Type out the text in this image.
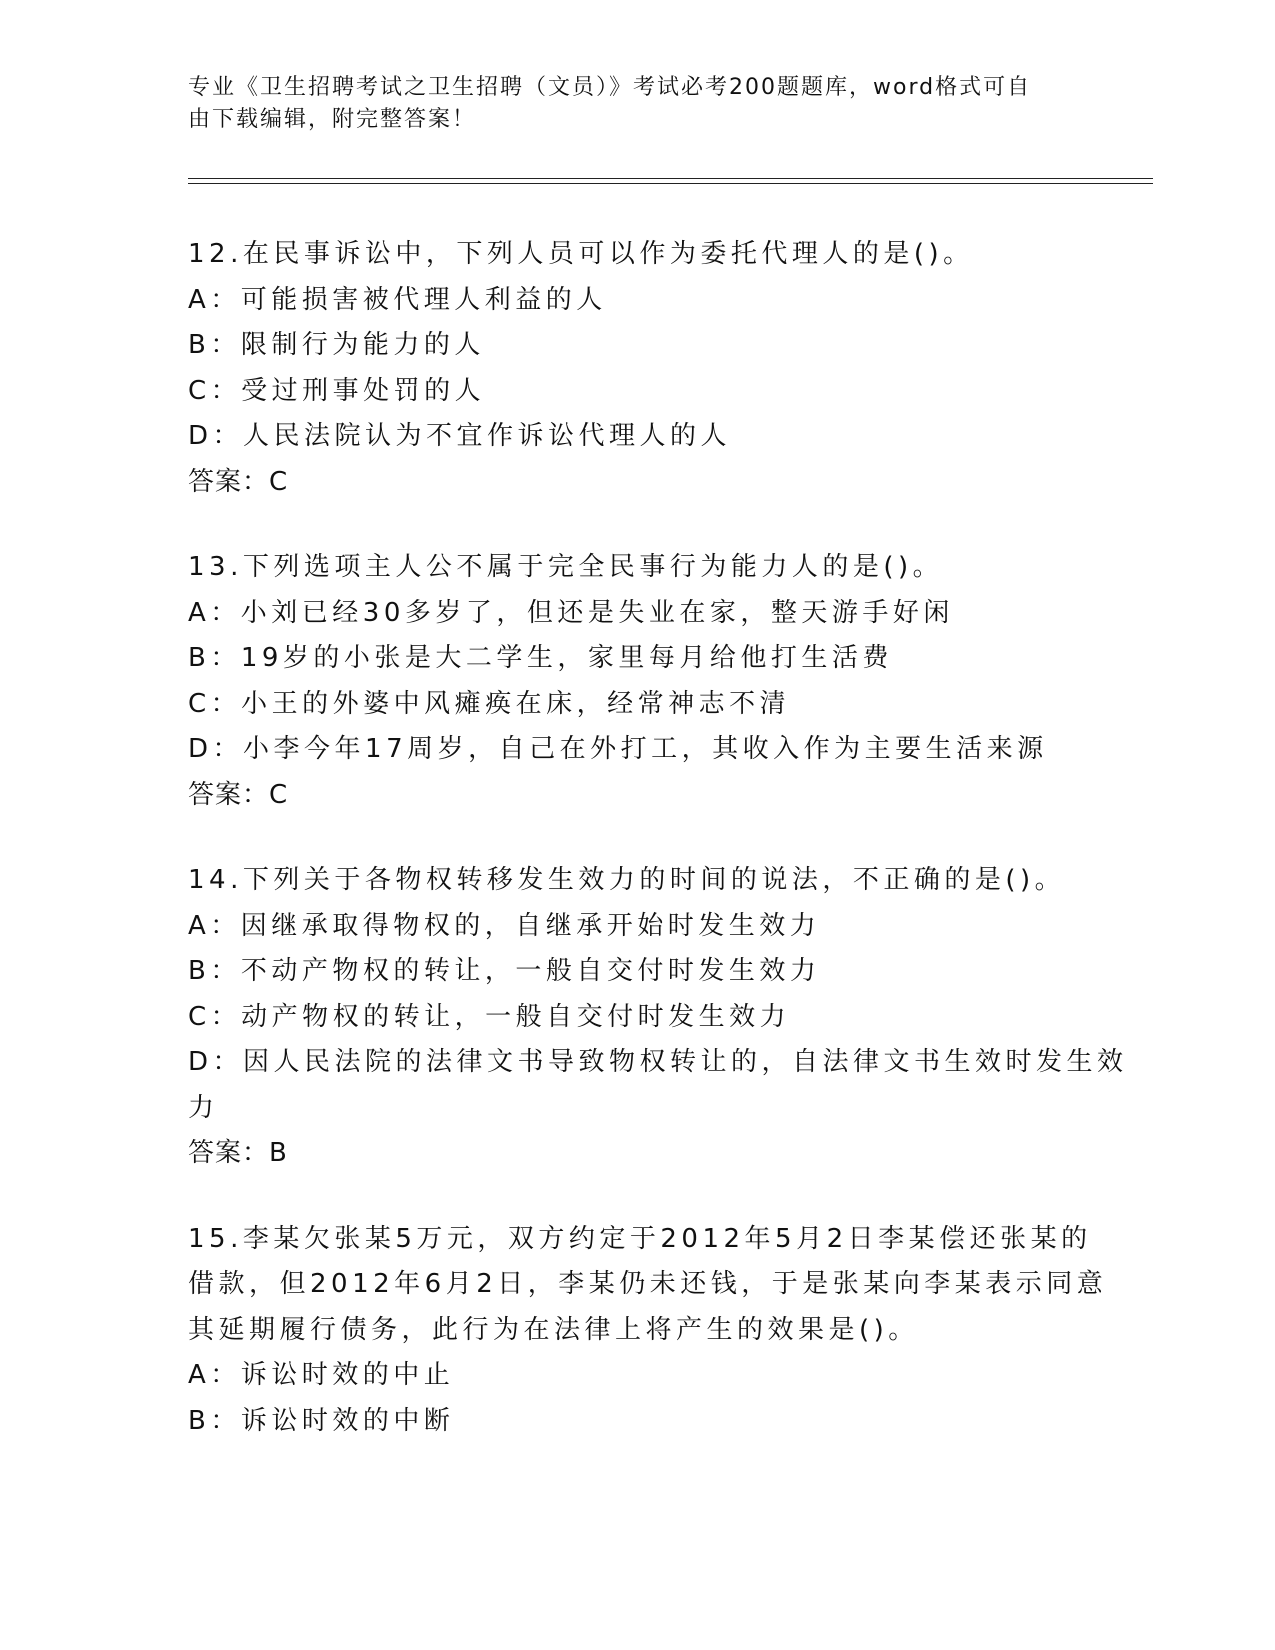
专业《卫生招聘考试之卫生招聘（文员）》考试必考200题题库，word格式可自
由下载编辑，附完整答案！
12.在民事诉讼中，下列人员可以作为委托代理人的是()。
A：可能损害被代理人利益的人
B：限制行为能力的人
C：受过刑事处罚的人
D：人民法院认为不宜作诉讼代理人的人
答案：C
13.下列选项主人公不属于完全民事行为能力人的是()。
A：小刘已经30多岁了，但还是失业在家，整天游手好闲
B：19岁的小张是大二学生，家里每月给他打生活费
C：小王的外婆中风瘫痪在床，经常神志不清
D：小李今年17周岁，自己在外打工，其收入作为主要生活来源
答案：C
14.下列关于各物权转移发生效力的时间的说法，不正确的是()。
A：因继承取得物权的，自继承开始时发生效力
B：不动产物权的转让，一般自交付时发生效力
C：动产物权的转让，一般自交付时发生效力
D：因人民法院的法律文书导致物权转让的，自法律文书生效时发生效
力
答案：B
15.李某欠张某5万元，双方约定于2012年5月2日李某偿还张某的
借款，但2012年6月2日，李某仍未还钱，于是张某向李某表示同意
其延期履行债务，此行为在法律上将产生的效果是()。
A：诉讼时效的中止
B：诉讼时效的中断
